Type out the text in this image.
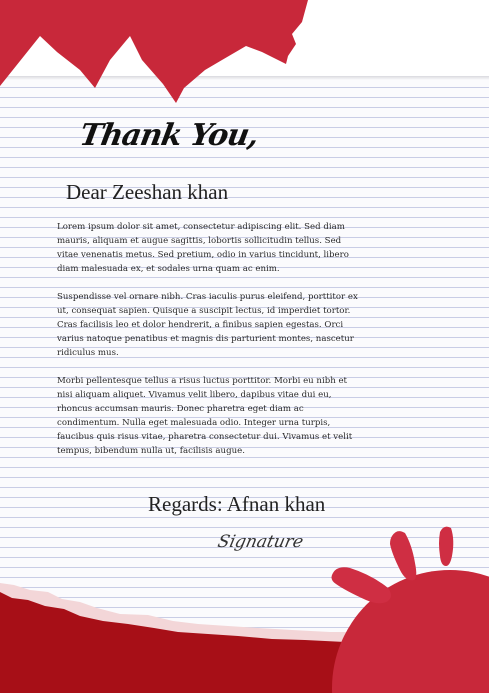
Thank You,
Dear Zeeshan khan

Lorem ipsum dolor sit amet, consectetur adipiscing elit. Sed diam mauris, aliquam et augue sagittis, lobortis sollicitudin tellus. Sed vitae venenatis metus. Sed pretium, odio in varius tincidunt, libero diam malesuada ex, et sodales urna quam ac enim.

Suspendisse vel ornare nibh. Cras iaculis purus eleifend, porttitor ex ut, consequat sapien. Quisque a suscipit lectus, id imperdiet tortor. Cras facilisis leo et dolor hendrerit, a finibus sapien egestas. Orci varius natoque penatibus et magnis dis parturient montes, nascetur ridiculus mus.

Morbi pellentesque tellus a risus luctus porttitor. Morbi eu nibh et nisi aliquam aliquet. Vivamus velit libero, dapibus vitae dui eu, rhoncus accumsan mauris. Donec pharetra eget diam ac condimentum. Nulla eget malesuada odio. Integer urna turpis, faucibus quis risus vitae, pharetra consectetur dui. Vivamus et velit tempus, bibendum nulla ut, facilisis augue.

Regards: Afnan khan
Signature
